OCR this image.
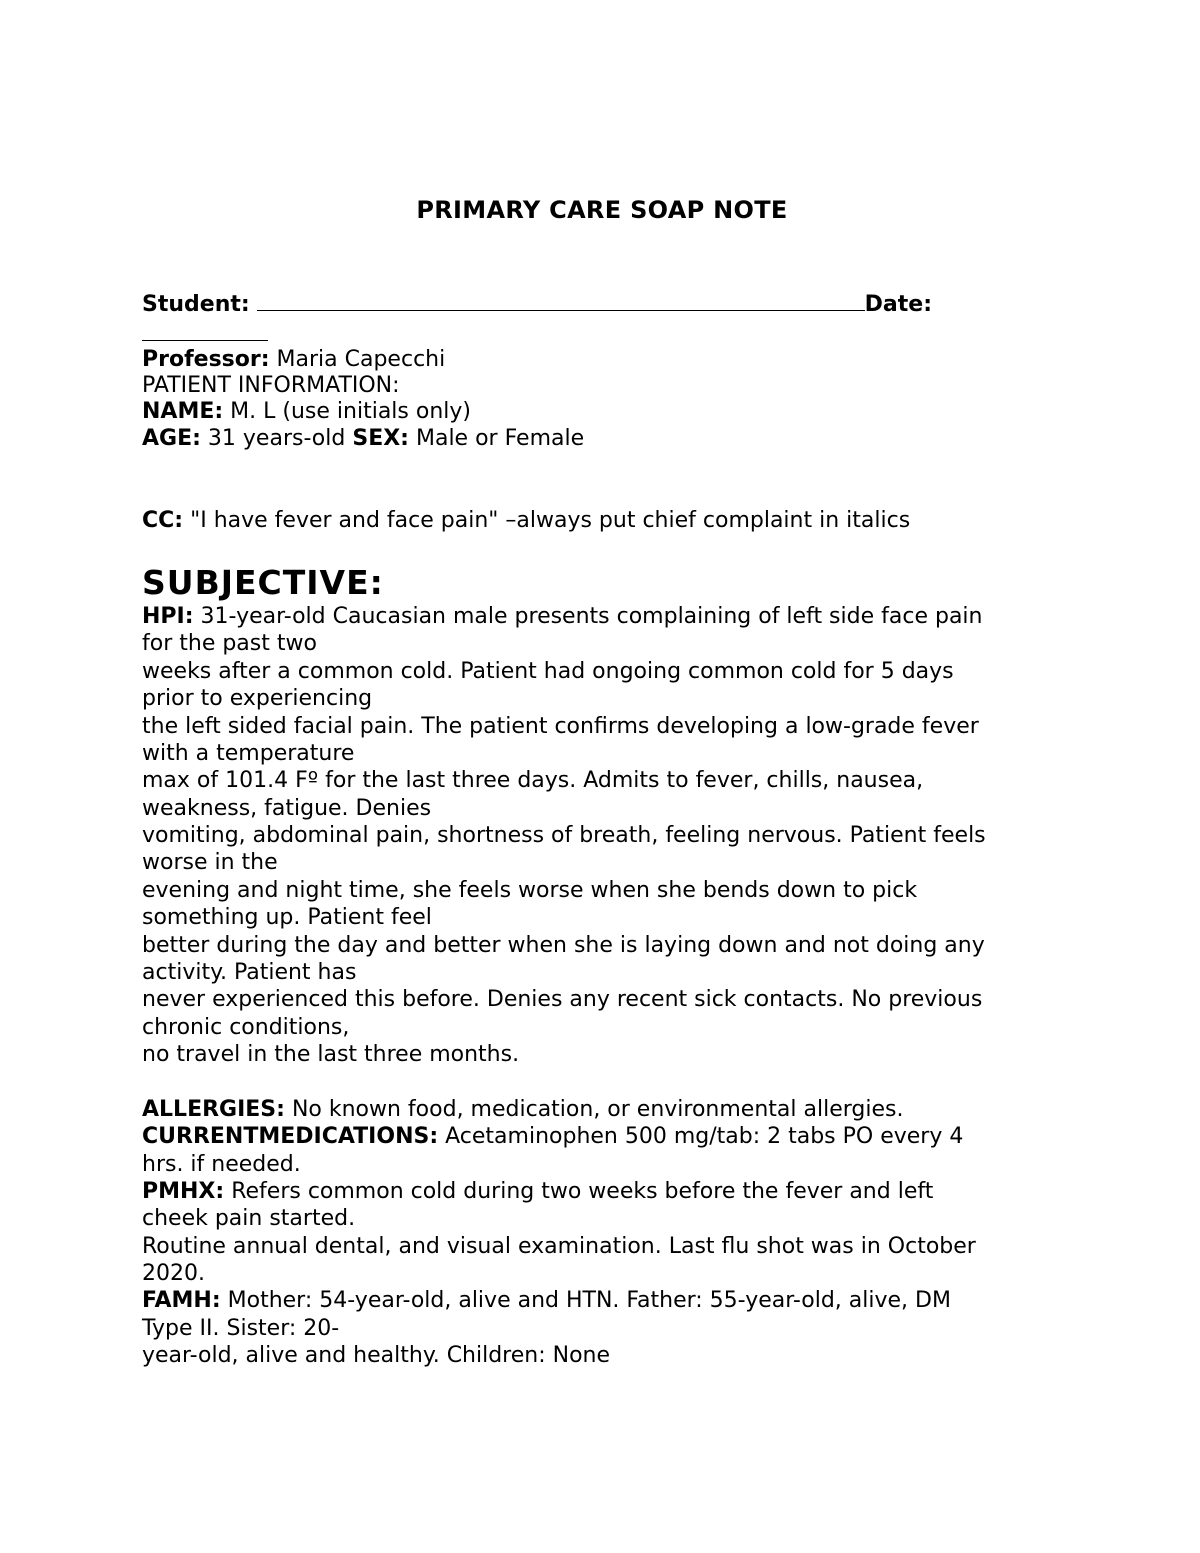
PRIMARY CARE SOAP NOTE
Student:	Date:
Professor: Maria Capecchi
PATIENT INFORMATION:
NAME: M. L (use initials only)
AGE: 31 years-old SEX: Male or Female
CC: "I have fever and face pain" –always put chief complaint in italics
SUBJECTIVE:
HPI: 31-year-old Caucasian male presents complaining of left side face pain
for the past two
weeks after a common cold. Patient had ongoing common cold for 5 days
prior to experiencing
the left sided facial pain. The patient confirms developing a low-grade fever
with a temperature
max of 101.4 Fº for the last three days. Admits to fever, chills, nausea,
weakness, fatigue. Denies
vomiting, abdominal pain, shortness of breath, feeling nervous. Patient feels
worse in the
evening and night time, she feels worse when she bends down to pick
something up. Patient feel
better during the day and better when she is laying down and not doing any
activity. Patient has
never experienced this before. Denies any recent sick contacts. No previous
chronic conditions,
no travel in the last three months.
ALLERGIES: No known food, medication, or environmental allergies.
CURRENTMEDICATIONS: Acetaminophen 500 mg/tab: 2 tabs PO every 4
hrs. if needed.
PMHX: Refers common cold during two weeks before the fever and left
cheek pain started.
Routine annual dental, and visual examination. Last flu shot was in October
2020.
FAMH: Mother: 54-year-old, alive and HTN. Father: 55-year-old, alive, DM
Type II. Sister: 20-
year-old, alive and healthy. Children: None
